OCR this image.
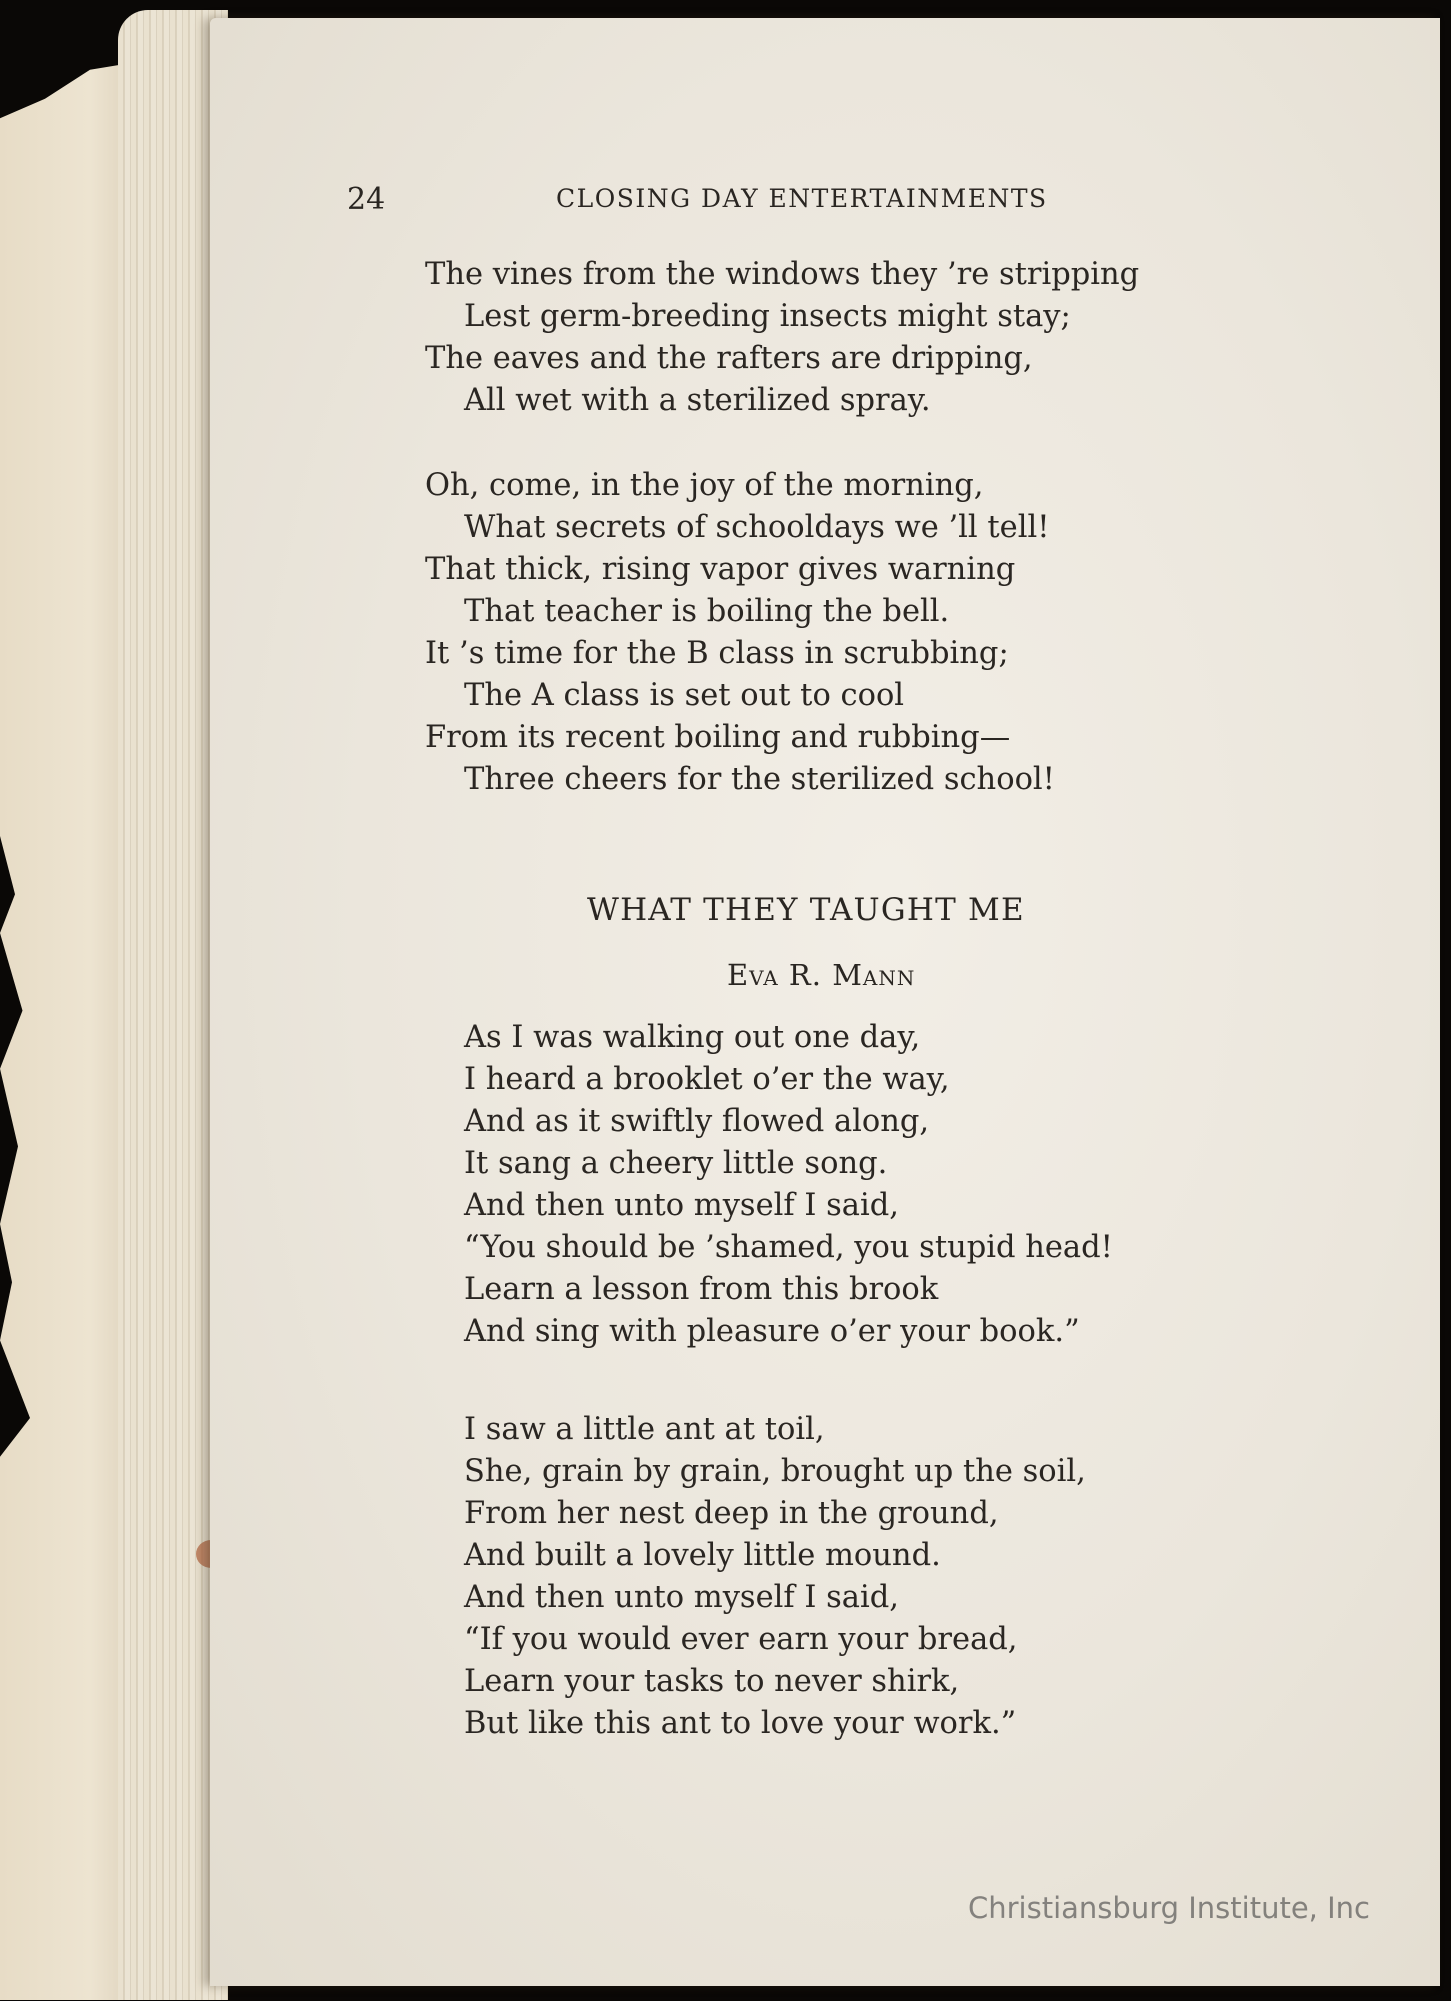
24	CLOSING DAY ENTERTAINMENTS

The vines from the windows they ’re stripping

Lest germ-breeding insects might stay;

The eaves and the rafters are dripping,

All wet with a sterilized spray.

Oh, come, in the joy of the morning,

What secrets of schooldays we ’ll tell!

That thick, rising vapor gives warning

That teacher is boiling the bell.

It ’s time for the B class in scrubbing;

The A class is set out to cool

From its recent boiling and rubbing—

Three cheers for the sterilized school!

WHAT THEY TAUGHT ME

Eva R. Mann

As I was walking out one day,

I heard a brooklet o’er the way,

And as it swiftly flowed along,

It sang a cheery little song.

And then unto myself I said,

“You should be ’shamed, you stupid head!

Learn a lesson from this brook

And sing with pleasure o’er your book.”

I saw a little ant at toil,

She, grain by grain, brought up the soil,

From her nest deep in the ground,

And built a lovely little mound.

And then unto myself I said,

“If you would ever earn your bread,

Learn your tasks to never shirk,

But like this ant to love your work.”

Christiansburg Institute, Inc
